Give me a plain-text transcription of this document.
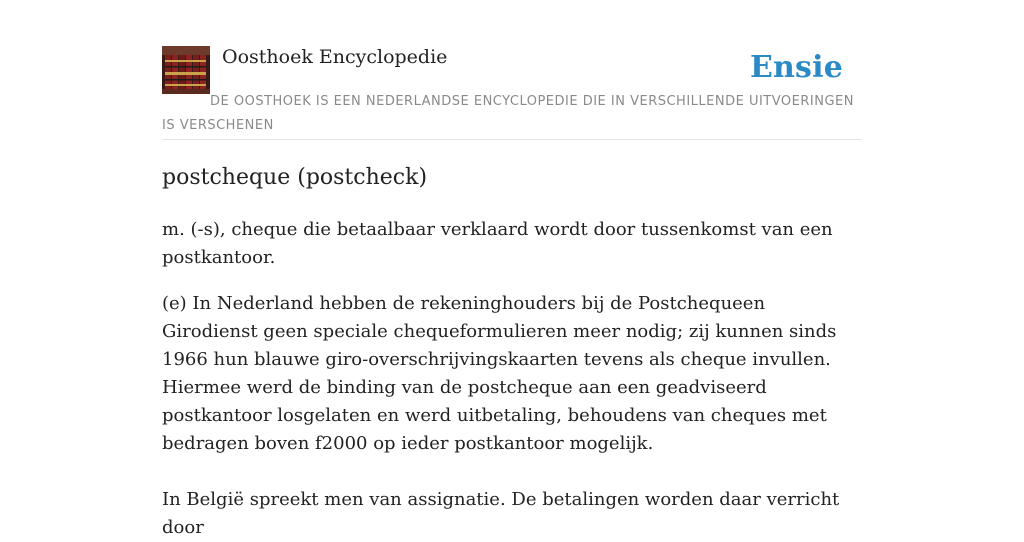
Oosthoek Encyclopedie	Ensie
DE OOSTHOEK IS EEN NEDERLANDSE ENCYCLOPEDIE DIE IN VERSCHILLENDE UITVOERINGEN IS VERSCHENEN
postcheque (postcheck)

m. (-s), cheque die betaalbaar verklaard wordt door tussenkomst van een postkantoor.

(e) In Nederland hebben de rekeninghouders bij de Postchequeen Girodienst geen speciale chequeformulieren meer nodig; zij kunnen sinds 1966 hun blauwe giro-overschrijvingskaarten tevens als cheque invullen. Hiermee werd de binding van de postcheque aan een geadviseerd postkantoor losgelaten en werd uitbetaling, behoudens van cheques met bedragen boven f2000 op ieder postkantoor mogelijk.

In België spreekt men van assignatie. De betalingen worden daar verricht door
